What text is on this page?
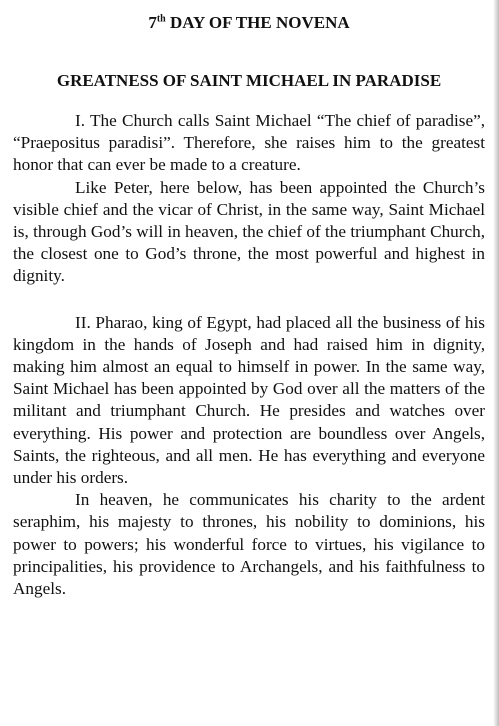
7th DAY OF THE NOVENA
GREATNESS OF SAINT MICHAEL IN PARADISE

I. The Church calls Saint Michael “The chief of paradise”, “Praepositus paradisi”. Therefore, she raises him to the greatest honor that can ever be made to a creature.

Like Peter, here below, has been appointed the Church’s visible chief and the vicar of Christ, in the same way, Saint Michael is, through God’s will in heaven, the chief of the triumphant Church, the closest one to God’s throne, the most powerful and highest in dignity.

II. Pharao, king of Egypt, had placed all the business of his kingdom in the hands of Joseph and had raised him in dignity, making him almost an equal to himself in power. In the same way, Saint Michael has been appointed by God over all the matters of the militant and triumphant Church. He presides and watches over everything. His power and protection are boundless over Angels, Saints, the righteous, and all men. He has everything and everyone under his orders.

In heaven, he communicates his charity to the ardent seraphim, his majesty to thrones, his nobility to dominions, his power to powers; his wonderful force to virtues, his vigilance to principalities, his providence to Archangels, and his faithfulness to Angels.
